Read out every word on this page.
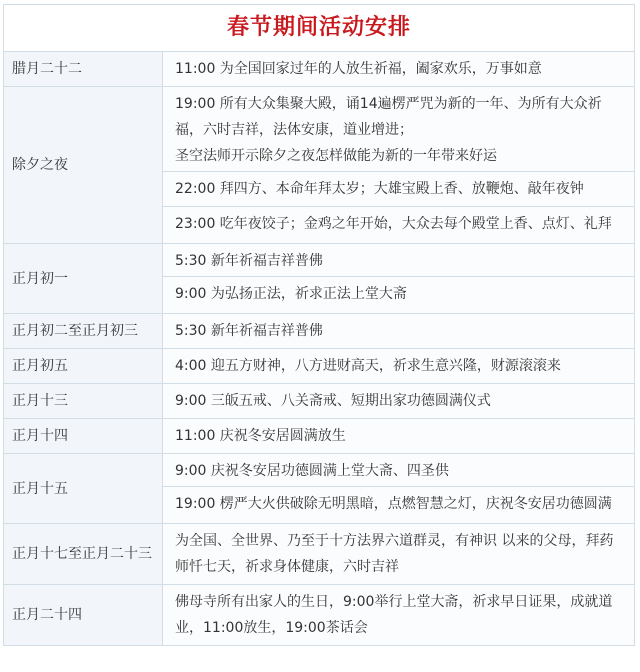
春节期间活动安排
腊月二十二	11:00 为全国回家过年的人放生祈福，阖家欢乐，万事如意

除夕之夜	19:00 所有大众集聚大殿，诵14遍楞严咒为新的一年、为所有大众祈福，六时吉祥，法体安康，道业增进；
圣空法师开示除夕之夜怎样做能为新的一年带来好运
22:00 拜四方、本命年拜太岁；大雄宝殿上香、放鞭炮、敲年夜钟
23:00 吃年夜饺子；金鸡之年开始，大众去每个殿堂上香、点灯、礼拜

正月初一	5:30 新年祈福吉祥普佛
9:00 为弘扬正法，祈求正法上堂大斋

正月初二至正月初三	5:30 新年祈福吉祥普佛

正月初五	4:00 迎五方财神，八方进财高天，祈求生意兴隆，财源滚滚来

正月十三	9:00 三皈五戒、八关斋戒、短期出家功德圆满仪式

正月十四	11:00 庆祝冬安居圆满放生

正月十五	9:00 庆祝冬安居功德圆满上堂大斋、四圣供
19:00 楞严大火供破除无明黑暗，点燃智慧之灯，庆祝冬安居功德圆满

正月十七至正月二十三	为全国、全世界、乃至于十方法界六道群灵，有神识 以来的父母，拜药师忏七天，祈求身体健康，六时吉祥

正月二十四	佛母寺所有出家人的生日，9:00举行上堂大斋，祈求早日证果，成就道业，11:00放生，19:00茶话会
